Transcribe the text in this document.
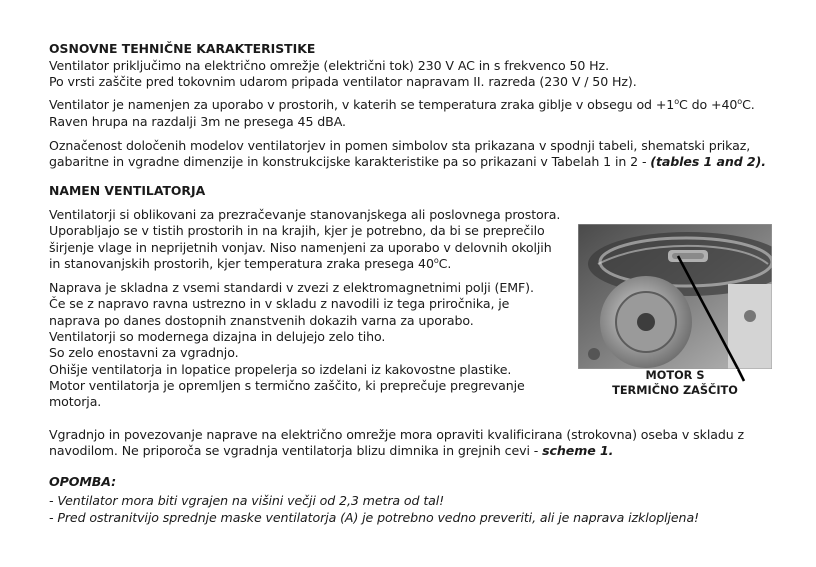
OSNOVNE TEHNIČNE KARAKTERISTIKE
Ventilator priključimo na električno omrežje (električni tok) 230 V AC in s frekvenco 50 Hz.
Po vrsti zaščite pred tokovnim udarom pripada ventilator napravam II. razreda (230 V / 50 Hz).
Ventilator je namenjen za uporabo v prostorih, v katerih se temperatura zraka giblje v obsegu od $+1^oC$ do $+40^oC$.
Raven hrupa na razdalji 3m ne presega 45 dBA.
Označenost določenih modelov ventilatorjev in pomen simbolov sta prikazana v spodnji tabeli, shematski prikaz,
gabaritne in vgradne dimenzije in konstrukcijske karakteristike pa so prikazani v Tabelah 1 in 2 - (tables 1 and 2).
NAMEN VENTILATORJA
Ventilatorji si oblikovani za prezračevanje stanovanjskega ali poslovnega prostora.
Uporabljajo se v tistih prostorih in na krajih, kjer je potrebno, da bi se preprečilo
širjenje vlage in neprijetnih vonjav. Niso namenjeni za uporabo v delovnih okoljih
in stanovanjskih prostorih, kjer temperatura zraka presega 40$^o$C.
Naprava je skladna z vsemi standardi v zvezi z elektromagnetnimi polji (EMF).
Če se z napravo ravna ustrezno in v skladu z navodili iz tega priročnika, je
naprava po danes dostopnih znanstvenih dokazih varna za uporabo.
Ventilatorji so modernega dizajna in delujejo zelo tiho.
So zelo enostavni za vgradnjo.
Ohišje ventilatorja in lopatice propelerja so izdelani iz kakovostne plastike.
Motor ventilatorja je opremljen s termično zaščito, ki preprečuje pregrevanje
motorja.
MOTOR S
TERMIČNO ZAŠČITO
Vgradnjo in povezovanje naprave na električno omrežje mora opraviti kvalificirana (strokovna) oseba v skladu z
navodilom. Ne priporoča se vgradnja ventilatorja blizu dimnika in grejnih cevi - scheme 1.
OPOMBA:
- Ventilator mora biti vgrajen na višini večji od 2,3 metra od tal!
- Pred ostranitvijo sprednje maske ventilatorja (A) je potrebno vedno preveriti, ali je naprava izklopljena!
